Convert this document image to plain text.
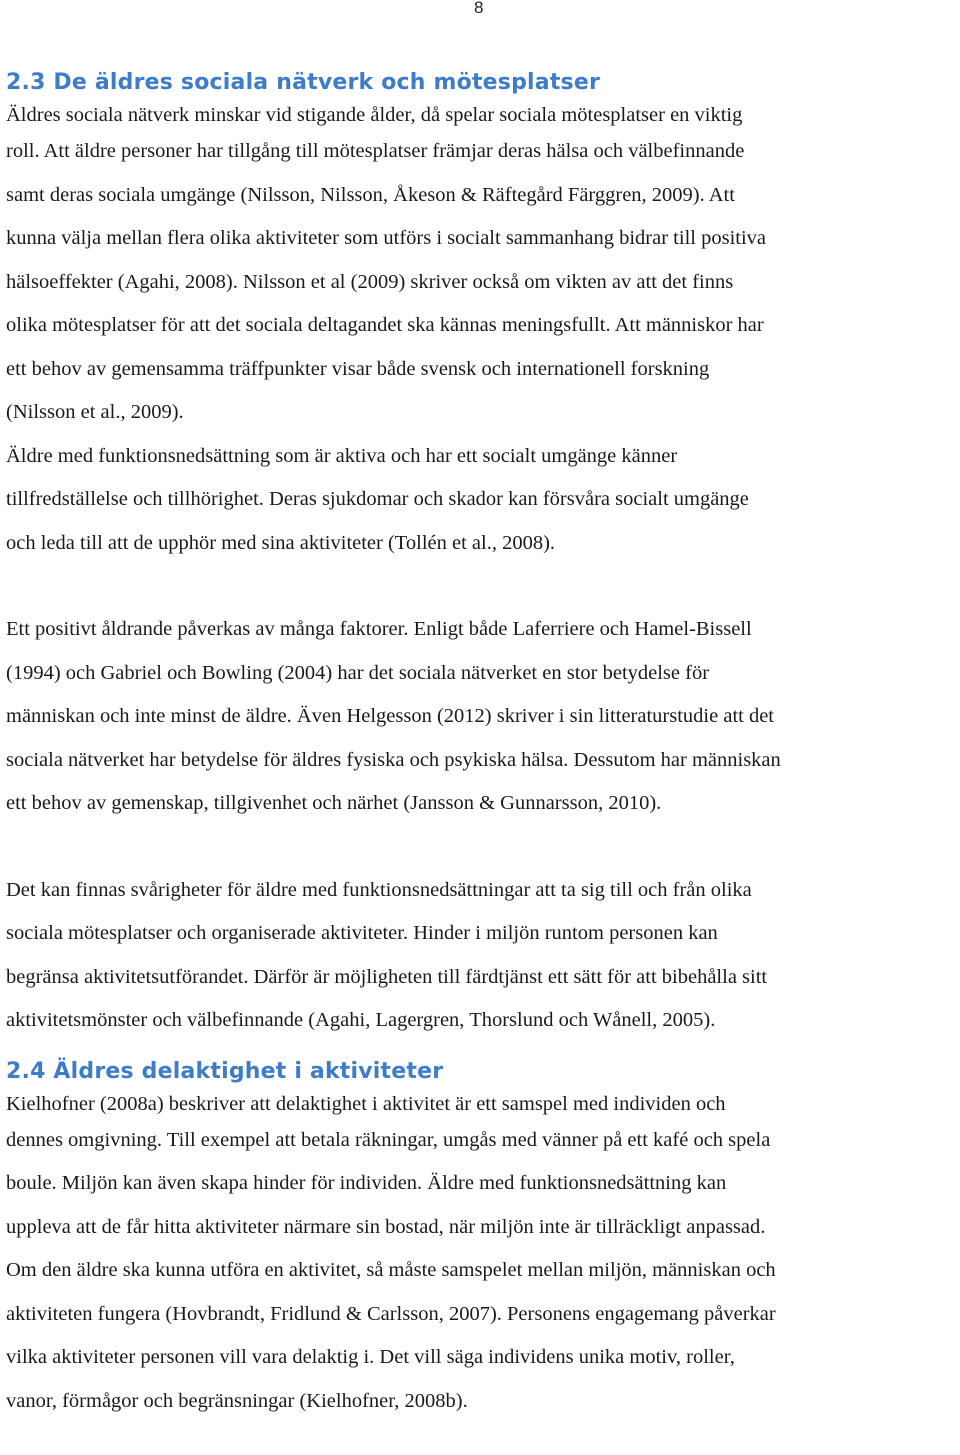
8
2.3 De äldres sociala nätverk och mötesplatser

Äldres sociala nätverk minskar vid stigande ålder, då spelar sociala mötesplatser en viktig
roll. Att äldre personer har tillgång till mötesplatser främjar deras hälsa och välbefinnande
samt deras sociala umgänge (Nilsson, Nilsson, Åkeson & Räftegård Färggren, 2009). Att
kunna välja mellan flera olika aktiviteter som utförs i socialt sammanhang bidrar till positiva
hälsoeffekter (Agahi, 2008). Nilsson et al (2009) skriver också om vikten av att det finns
olika mötesplatser för att det sociala deltagandet ska kännas meningsfullt. Att människor har
ett behov av gemensamma träffpunkter visar både svensk och internationell forskning
(Nilsson et al., 2009).
Äldre med funktionsnedsättning som är aktiva och har ett socialt umgänge känner
tillfredställelse och tillhörighet. Deras sjukdomar och skador kan försvåra socialt umgänge
och leda till att de upphör med sina aktiviteter (Tollén et al., 2008).

Ett positivt åldrande påverkas av många faktorer. Enligt både Laferriere och Hamel-Bissell
(1994) och Gabriel och Bowling (2004) har det sociala nätverket en stor betydelse för
människan och inte minst de äldre. Även Helgesson (2012) skriver i sin litteraturstudie att det
sociala nätverket har betydelse för äldres fysiska och psykiska hälsa. Dessutom har människan
ett behov av gemenskap, tillgivenhet och närhet (Jansson & Gunnarsson, 2010).

Det kan finnas svårigheter för äldre med funktionsnedsättningar att ta sig till och från olika
sociala mötesplatser och organiserade aktiviteter. Hinder i miljön runtom personen kan
begränsa aktivitetsutförandet. Därför är möjligheten till färdtjänst ett sätt för att bibehålla sitt
aktivitetsmönster och välbefinnande (Agahi, Lagergren, Thorslund och Wånell, 2005).

2.4 Äldres delaktighet i aktiviteter

Kielhofner (2008a) beskriver att delaktighet i aktivitet är ett samspel med individen och
dennes omgivning. Till exempel att betala räkningar, umgås med vänner på ett kafé och spela
boule. Miljön kan även skapa hinder för individen. Äldre med funktionsnedsättning kan
uppleva att de får hitta aktiviteter närmare sin bostad, när miljön inte är tillräckligt anpassad.
Om den äldre ska kunna utföra en aktivitet, så måste samspelet mellan miljön, människan och
aktiviteten fungera (Hovbrandt, Fridlund & Carlsson, 2007). Personens engagemang påverkar
vilka aktiviteter personen vill vara delaktig i. Det vill säga individens unika motiv, roller,
vanor, förmågor och begränsningar (Kielhofner, 2008b).
